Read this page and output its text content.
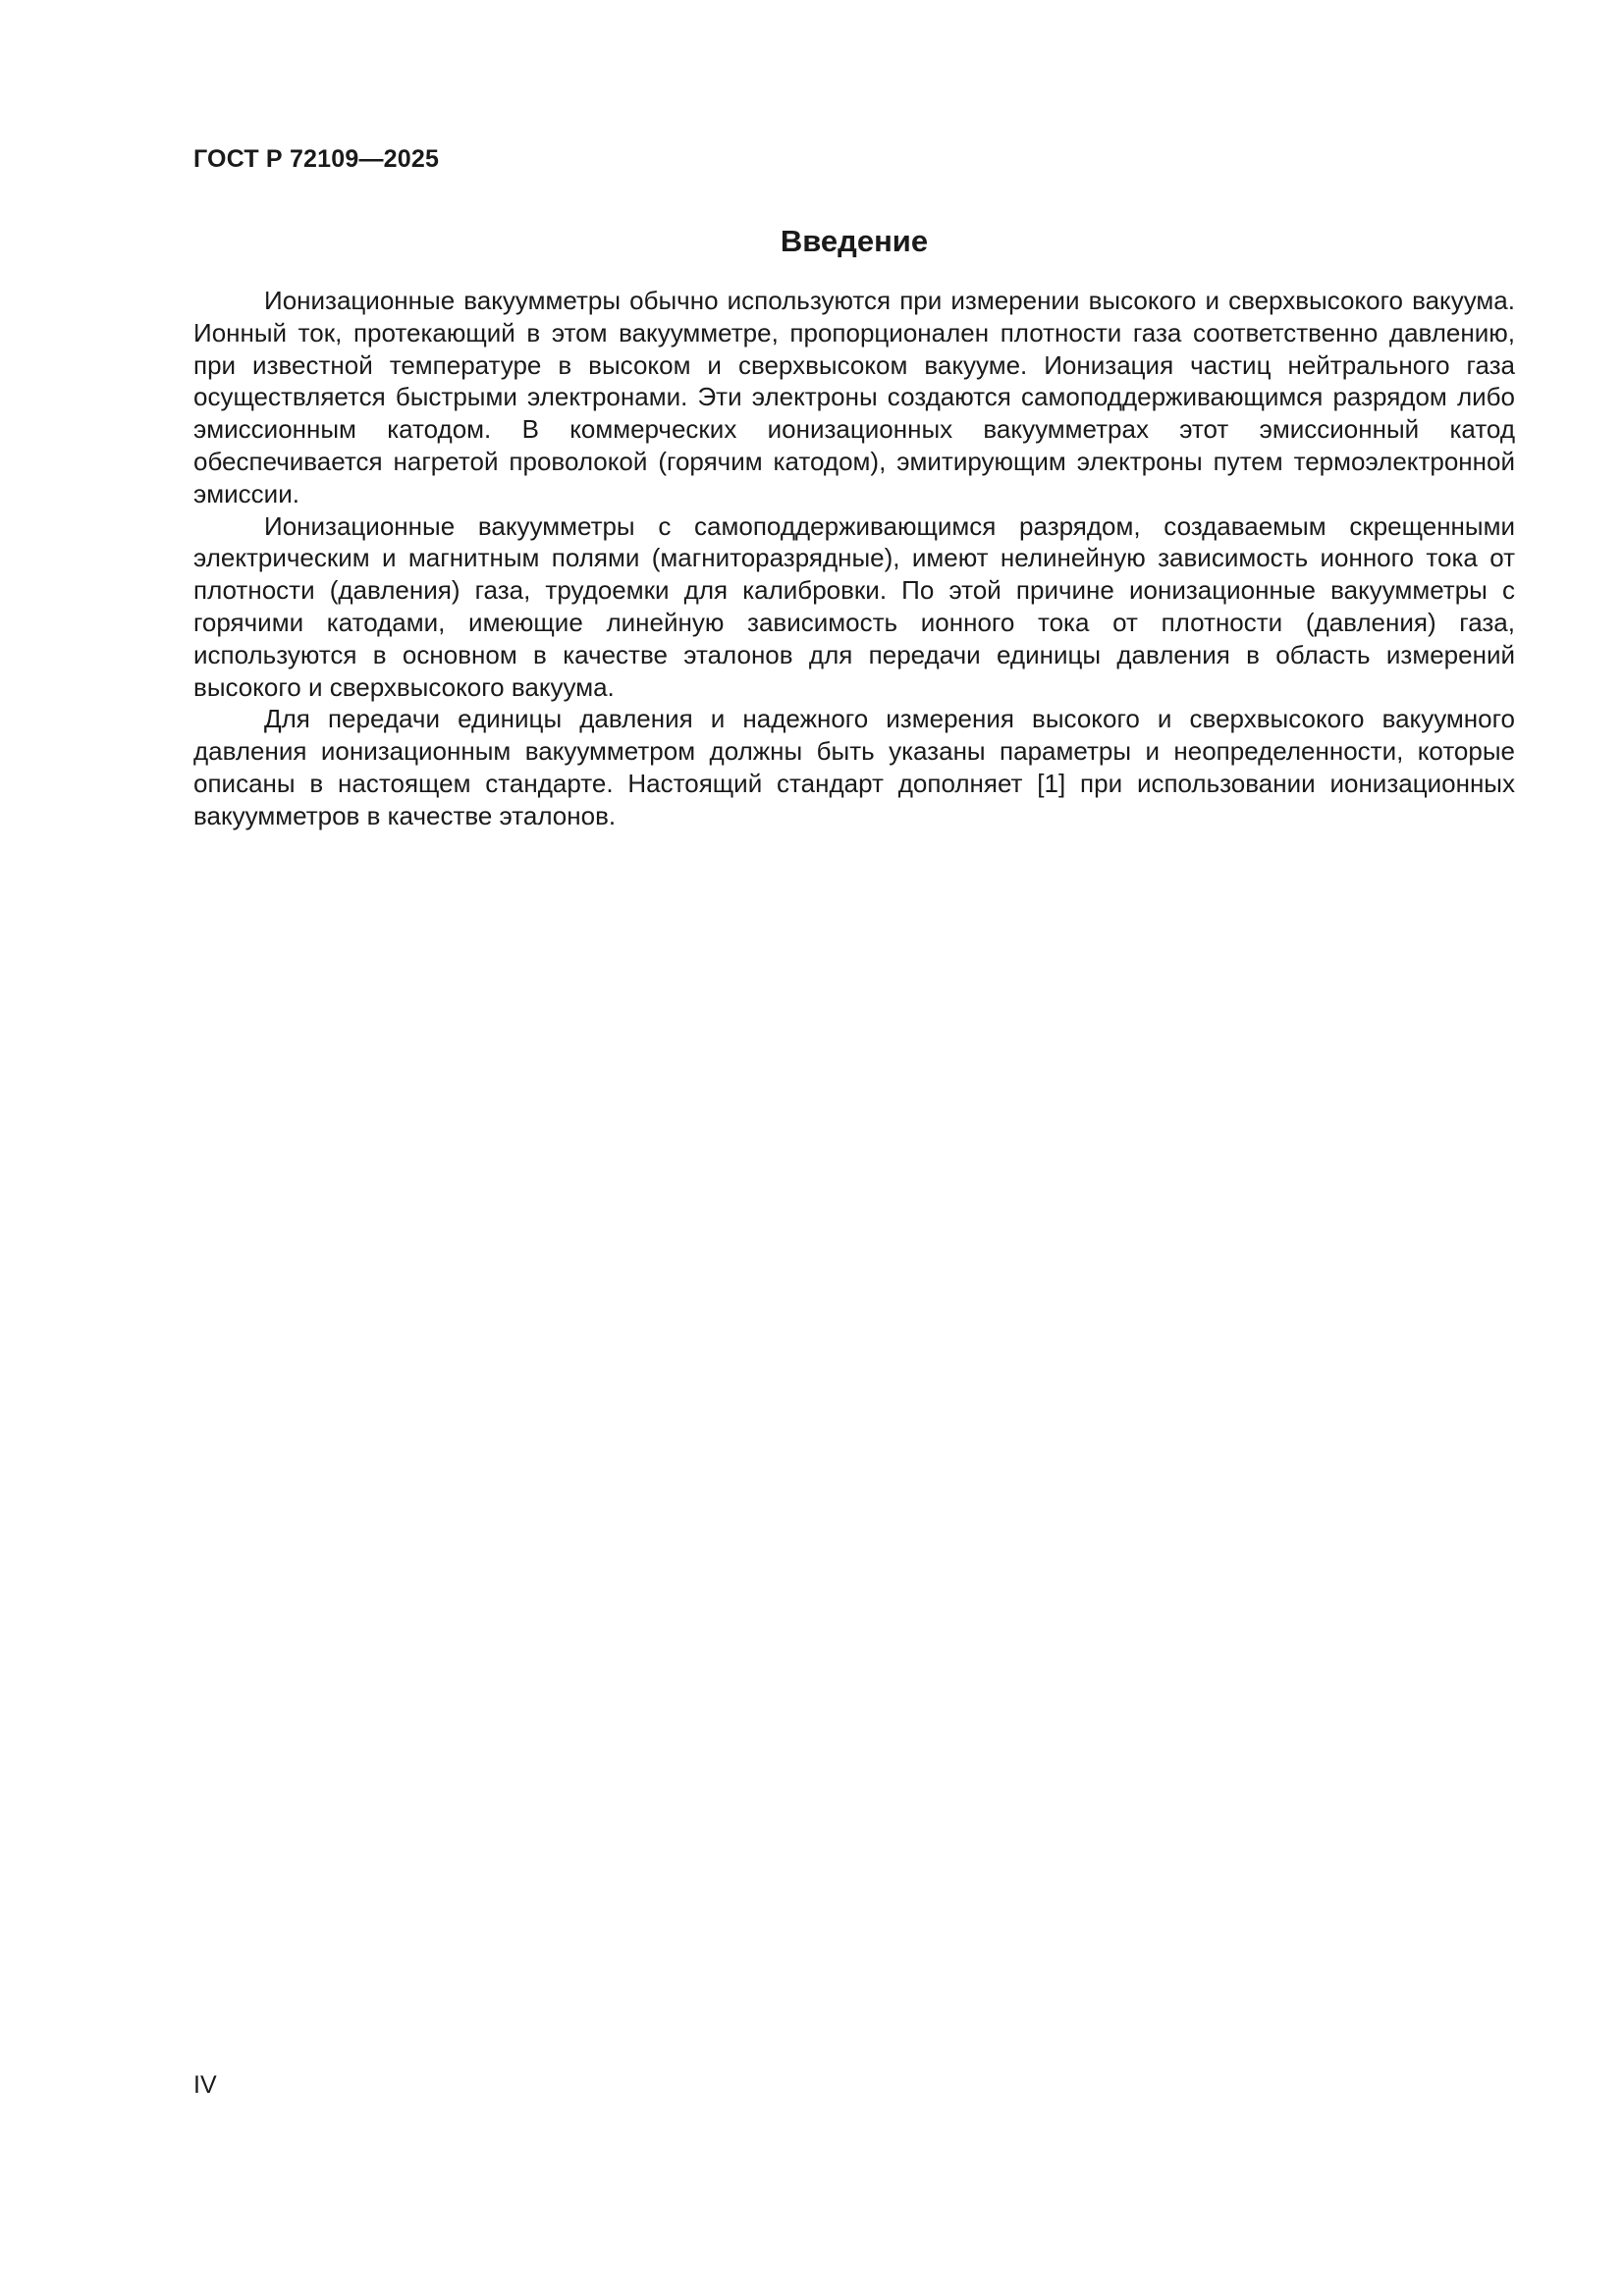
ГОСТ Р 72109—2025
Введение

Ионизационные вакуумметры обычно используются при измерении высокого и сверхвысокого вакуума. Ионный ток, протекающий в этом вакуумметре, пропорционален плотности газа соответственно давлению, при известной температуре в высоком и сверхвысоком вакууме. Ионизация частиц нейтрального газа осуществляется быстрыми электронами. Эти электроны создаются самоподдерживающимся разрядом либо эмиссионным катодом. В коммерческих ионизационных вакуумметрах этот эмиссионный катод обеспечивается нагретой проволокой (горячим катодом), эмитирующим электроны путем термоэлектронной эмиссии.

Ионизационные вакуумметры с самоподдерживающимся разрядом, создаваемым скрещенными электрическим и магнитным полями (магниторазрядные), имеют нелинейную зависимость ионного тока от плотности (давления) газа, трудоемки для калибровки. По этой причине ионизационные вакуумметры с горячими катодами, имеющие линейную зависимость ионного тока от плотности (давления) газа, используются в основном в качестве эталонов для передачи единицы давления в область измерений высокого и сверхвысокого вакуума.

Для передачи единицы давления и надежного измерения высокого и сверхвысокого вакуумного давления ионизационным вакуумметром должны быть указаны параметры и неопределенности, которые описаны в настоящем стандарте. Настоящий стандарт дополняет [1] при использовании ионизационных вакуумметров в качестве эталонов.

IV
